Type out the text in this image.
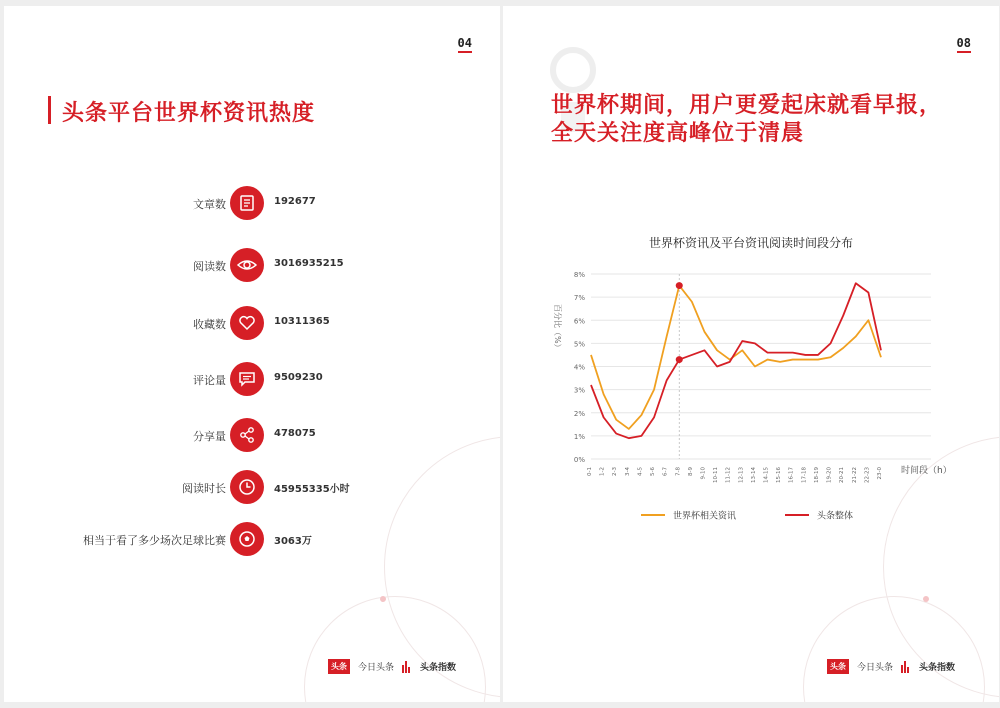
04
头条平台世界杯资讯热度
文章数	192677
阅读数	3016935215
收藏数	10311365
评论量	9509230
分享量	478075
阅读时长	45955335小时
相当于看了多少场次足球比赛	3063万
头条	今日头条	头条指数
08
世界杯期间，用户更爱起床就看早报，
全天关注度高峰位于清晨
世界杯资讯及平台资讯阅读时间段分布
0%
1%
2%
3%
4%
5%
6%
7%
8%
百分比（%）
0-1 1-2 2-3 3-4 4-5 5-6 6-7 7-8 8-9 9-10 10-11 11-12 12-13 13-14 14-15 15-16 16-17 17-18 18-19 19-20 20-21 21-22 22-23 23-0 时间段（h）
世界杯相关资讯	头条整体
头条	今日头条	头条指数
